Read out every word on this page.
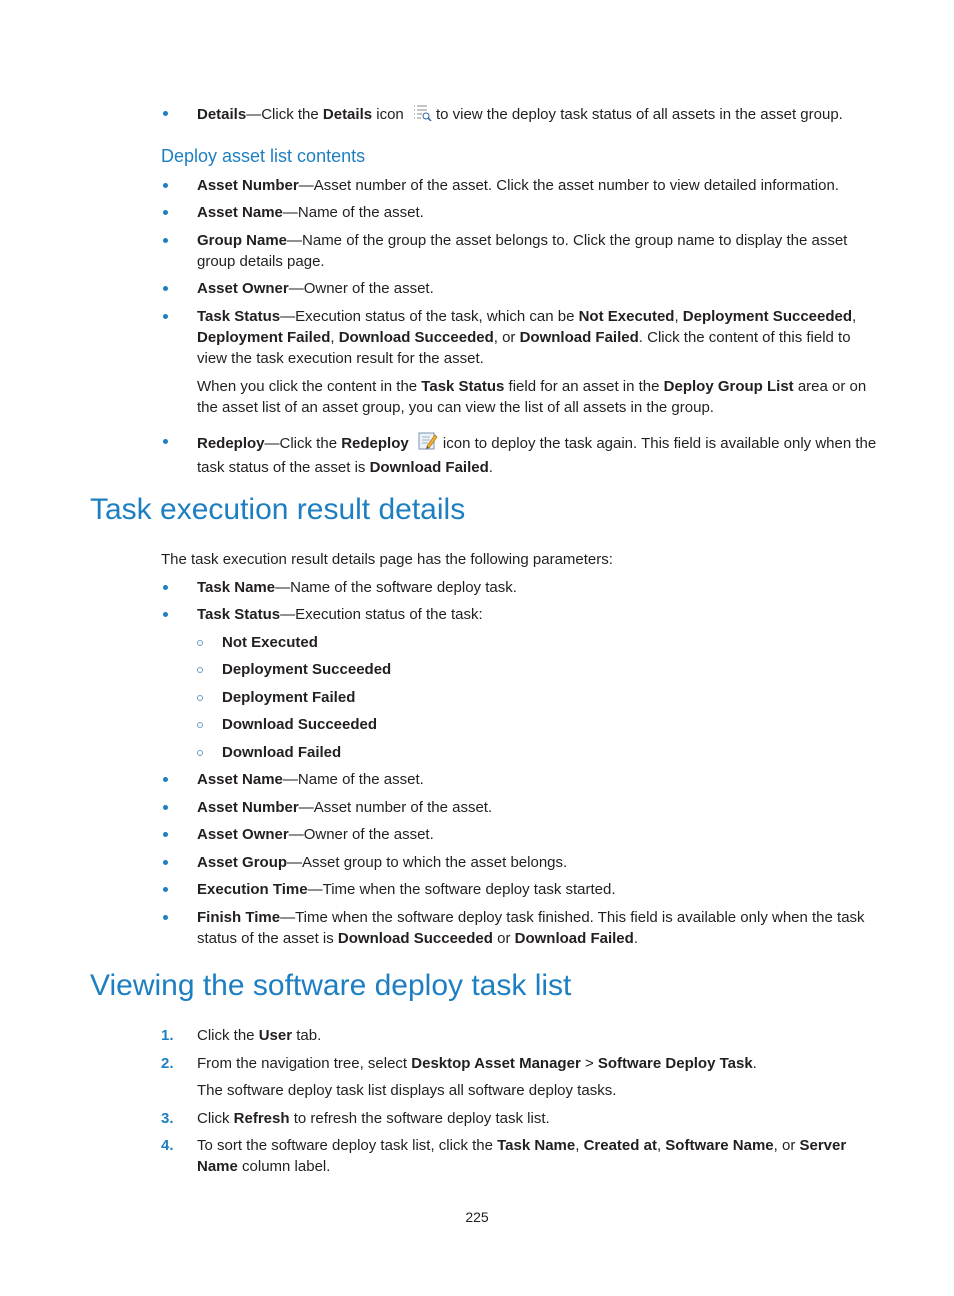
Details—Click the Details icon to view the deploy task status of all assets in the asset group.
Deploy asset list contents
Asset Number—Asset number of the asset. Click the asset number to view detailed information.
Asset Name—Name of the asset.
Group Name—Name of the group the asset belongs to. Click the group name to display the asset group details page.
Asset Owner—Owner of the asset.
Task Status—Execution status of the task, which can be Not Executed, Deployment Succeeded, Deployment Failed, Download Succeeded, or Download Failed. Click the content of this field to view the task execution result for the asset.
When you click the content in the Task Status field for an asset in the Deploy Group List area or on the asset list of an asset group, you can view the list of all assets in the group.
Redeploy—Click the Redeploy icon to deploy the task again. This field is available only when the task status of the asset is Download Failed.
Task execution result details
The task execution result details page has the following parameters:
Task Name—Name of the software deploy task.
Task Status—Execution status of the task:
Not Executed
Deployment Succeeded
Deployment Failed
Download Succeeded
Download Failed
Asset Name—Name of the asset.
Asset Number—Asset number of the asset.
Asset Owner—Owner of the asset.
Asset Group—Asset group to which the asset belongs.
Execution Time—Time when the software deploy task started.
Finish Time—Time when the software deploy task finished. This field is available only when the task status of the asset is Download Succeeded or Download Failed.
Viewing the software deploy task list
1. Click the User tab.
2. From the navigation tree, select Desktop Asset Manager > Software Deploy Task.
The software deploy task list displays all software deploy tasks.
3. Click Refresh to refresh the software deploy task list.
4. To sort the software deploy task list, click the Task Name, Created at, Software Name, or Server Name column label.
225
